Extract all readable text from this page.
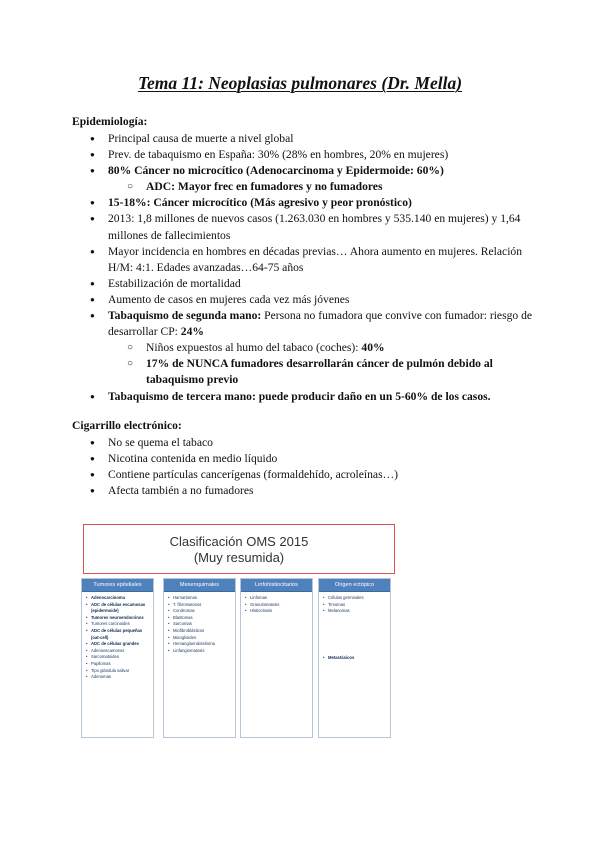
Tema 11: Neoplasias pulmonares (Dr. Mella)
Epidemiología:
● Principal causa de muerte a nivel global
● Prev. de tabaquismo en España: 30% (28% en hombres, 20% en mujeres)
● 80% Cáncer no microcítico (Adenocarcinoma y Epidermoide: 60%)
○ ADC: Mayor frec en fumadores y no fumadores
● 15-18%: Cáncer microcítico (Más agresivo y peor pronóstico)
● 2013: 1,8 millones de nuevos casos (1.263.030 en hombres y 535.140 en mujeres) y 1,64 millones de fallecimientos
● Mayor incidencia en hombres en décadas previas… Ahora aumento en mujeres. Relación H/M: 4:1. Edades avanzadas…64-75 años
● Estabilización de mortalidad
● Aumento de casos en mujeres cada vez más jóvenes
● Tabaquismo de segunda mano: Persona no fumadora que convive con fumador: riesgo de desarrollar CP: 24%
○ Niños expuestos al humo del tabaco (coches): 40%
○ 17% de NUNCA fumadores desarrollarán cáncer de pulmón debido al tabaquismo previo
● Tabaquismo de tercera mano: puede producir daño en un 5-60% de los casos.
Cigarrillo electrónico:
● No se quema el tabaco
● Nicotina contenida en medio líquido
● Contiene partículas cancerígenas (formaldehído, acroleínas…)
● Afecta también a no fumadores
Clasificación OMS 2015
(Muy resumida)
Tumores epiteliales
• Adenocarcinoma
• ADC de células escamosas (epidermoide)
• Tumores neuroendocrinos
• Tumores carcinoides
• ADC de células pequeñas (oat-cell)
• ADC de células grandes
• Adenoescamosos
• Sarcomatoides
• Papilomas
• Tipo glándula salivar
• Adenomas
Mesenquimales
• Hamartomas
• T. fibromatosos
• Condromas
• Blastomas
• Sarcomas
• Miofibroblásticos
• Mixoglioides
• Hemangioendotelioma
• Linfangiomatosis
Linfohistiocitarios
• Linfomas
• Granulomatosis
• Histiocitosis
Origen ectópico
• Células germinales
• Timomas
• Melanomas
• Metastásicos
